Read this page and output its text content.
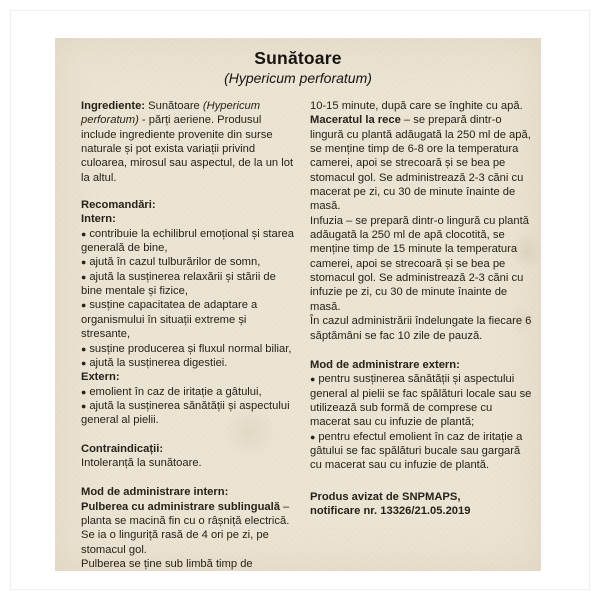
Sunătoare
(Hypericum perforatum)

Ingrediente: Sunătoare (Hypericum perforatum) - părți aeriene. Produsul include ingrediente provenite din surse naturale și pot exista variații privind culoarea, mirosul sau aspectul, de la un lot la altul.

Recomandări:

Intern:

● contribuie la echilibrul emoțional și starea generală de bine,

● ajută în cazul tulburărilor de somn,

● ajută la susținerea relaxării și stării de bine mentale și fizice,

● susține capacitatea de adaptare a organismului în situații extreme și stresante,

● susține producerea și fluxul normal biliar,

● ajută la susținerea digestiei.

Extern:

● emolient în caz de iritație a gâtului,

● ajută la susținerea sănătății și aspectului general al pielii.

Contraindicații:

Intoleranță la sunătoare.

Mod de administrare intern:

Pulberea cu administrare sublinguală – planta se macină fin cu o râșniță electrică. Se ia o linguriță rasă de 4 ori pe zi, pe stomacul gol.

Pulberea se ține sub limbă timp de

10-15 minute, după care se înghite cu apă.

Maceratul la rece – se prepară dintr-o lingură cu plantă adăugată la 250 ml de apă, se menține timp de 6-8 ore la temperatura camerei, apoi se strecoară și se bea pe stomacul gol. Se administrează 2-3 căni cu macerat pe zi, cu 30 de minute înainte de masă.

Infuzia – se prepară dintr-o lingură cu plantă adăugată la 250 ml de apă clocotită, se menține timp de 15 minute la temperatura camerei, apoi se strecoară și se bea pe stomacul gol. Se administrează 2-3 căni cu infuzie pe zi, cu 30 de minute înainte de masă.

În cazul administrării îndelungate la fiecare 6 săptămâni se fac 10 zile de pauză.

Mod de administrare extern:

● pentru susținerea sănătății și aspectului general al pielii se fac spălături locale sau se utilizează sub formă de comprese cu macerat sau cu infuzie de plantă;

● pentru efectul emolient în caz de iritație a gâtului se fac spălături bucale sau gargară cu macerat sau cu infuzie de plantă.

Produs avizat de SNPMAPS,

notificare nr. 13326/21.05.2019
